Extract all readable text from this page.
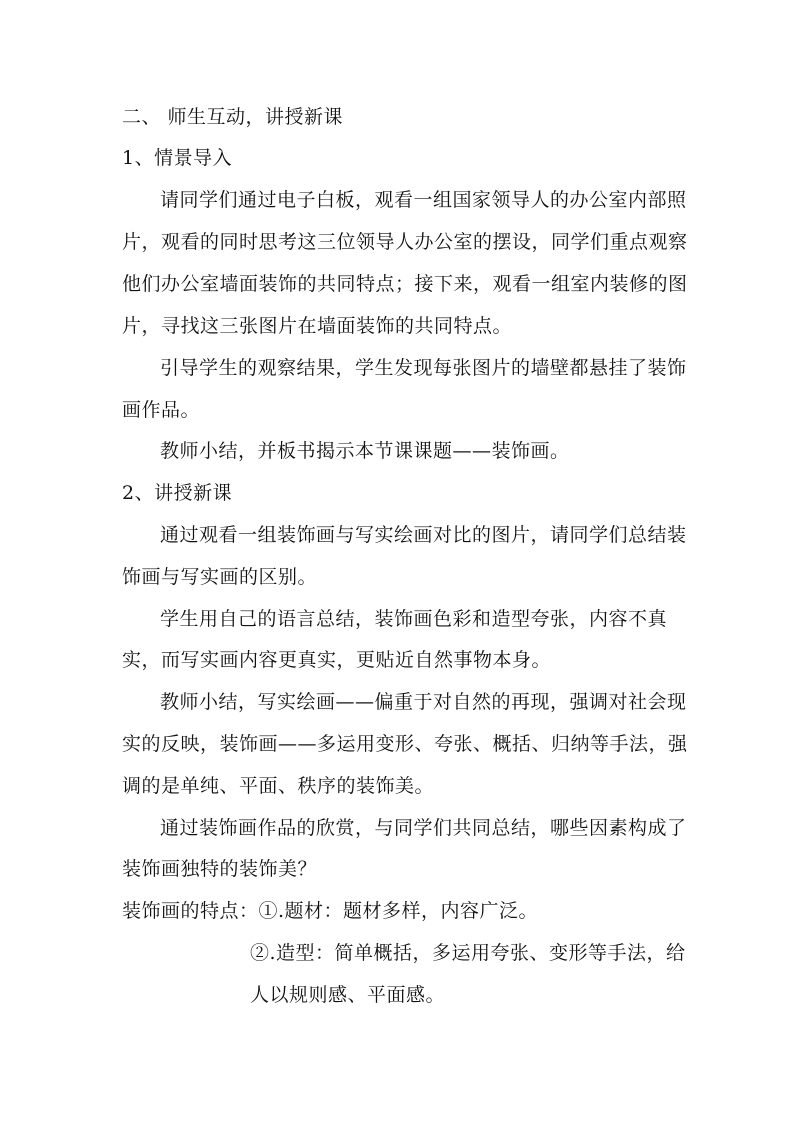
二、 师生互动，讲授新课
1、情景导入
请同学们通过电子白板，观看一组国家领导人的办公室内部照
片，观看的同时思考这三位领导人办公室的摆设，同学们重点观察
他们办公室墙面装饰的共同特点；接下来，观看一组室内装修的图
片，寻找这三张图片在墙面装饰的共同特点。
引导学生的观察结果，学生发现每张图片的墙壁都悬挂了装饰
画作品。
教师小结，并板书揭示本节课课题——装饰画。
2、讲授新课
通过观看一组装饰画与写实绘画对比的图片，请同学们总结装
饰画与写实画的区别。
学生用自己的语言总结，装饰画色彩和造型夸张，内容不真
实，而写实画内容更真实，更贴近自然事物本身。
教师小结，写实绘画——偏重于对自然的再现，强调对社会现
实的反映，装饰画——多运用变形、夸张、概括、归纳等手法，强
调的是单纯、平面、秩序的装饰美。
通过装饰画作品的欣赏，与同学们共同总结，哪些因素构成了
装饰画独特的装饰美？
装饰画的特点：①.题材：题材多样，内容广泛。
②.造型：简单概括，多运用夸张、变形等手法，给
人以规则感、平面感。
